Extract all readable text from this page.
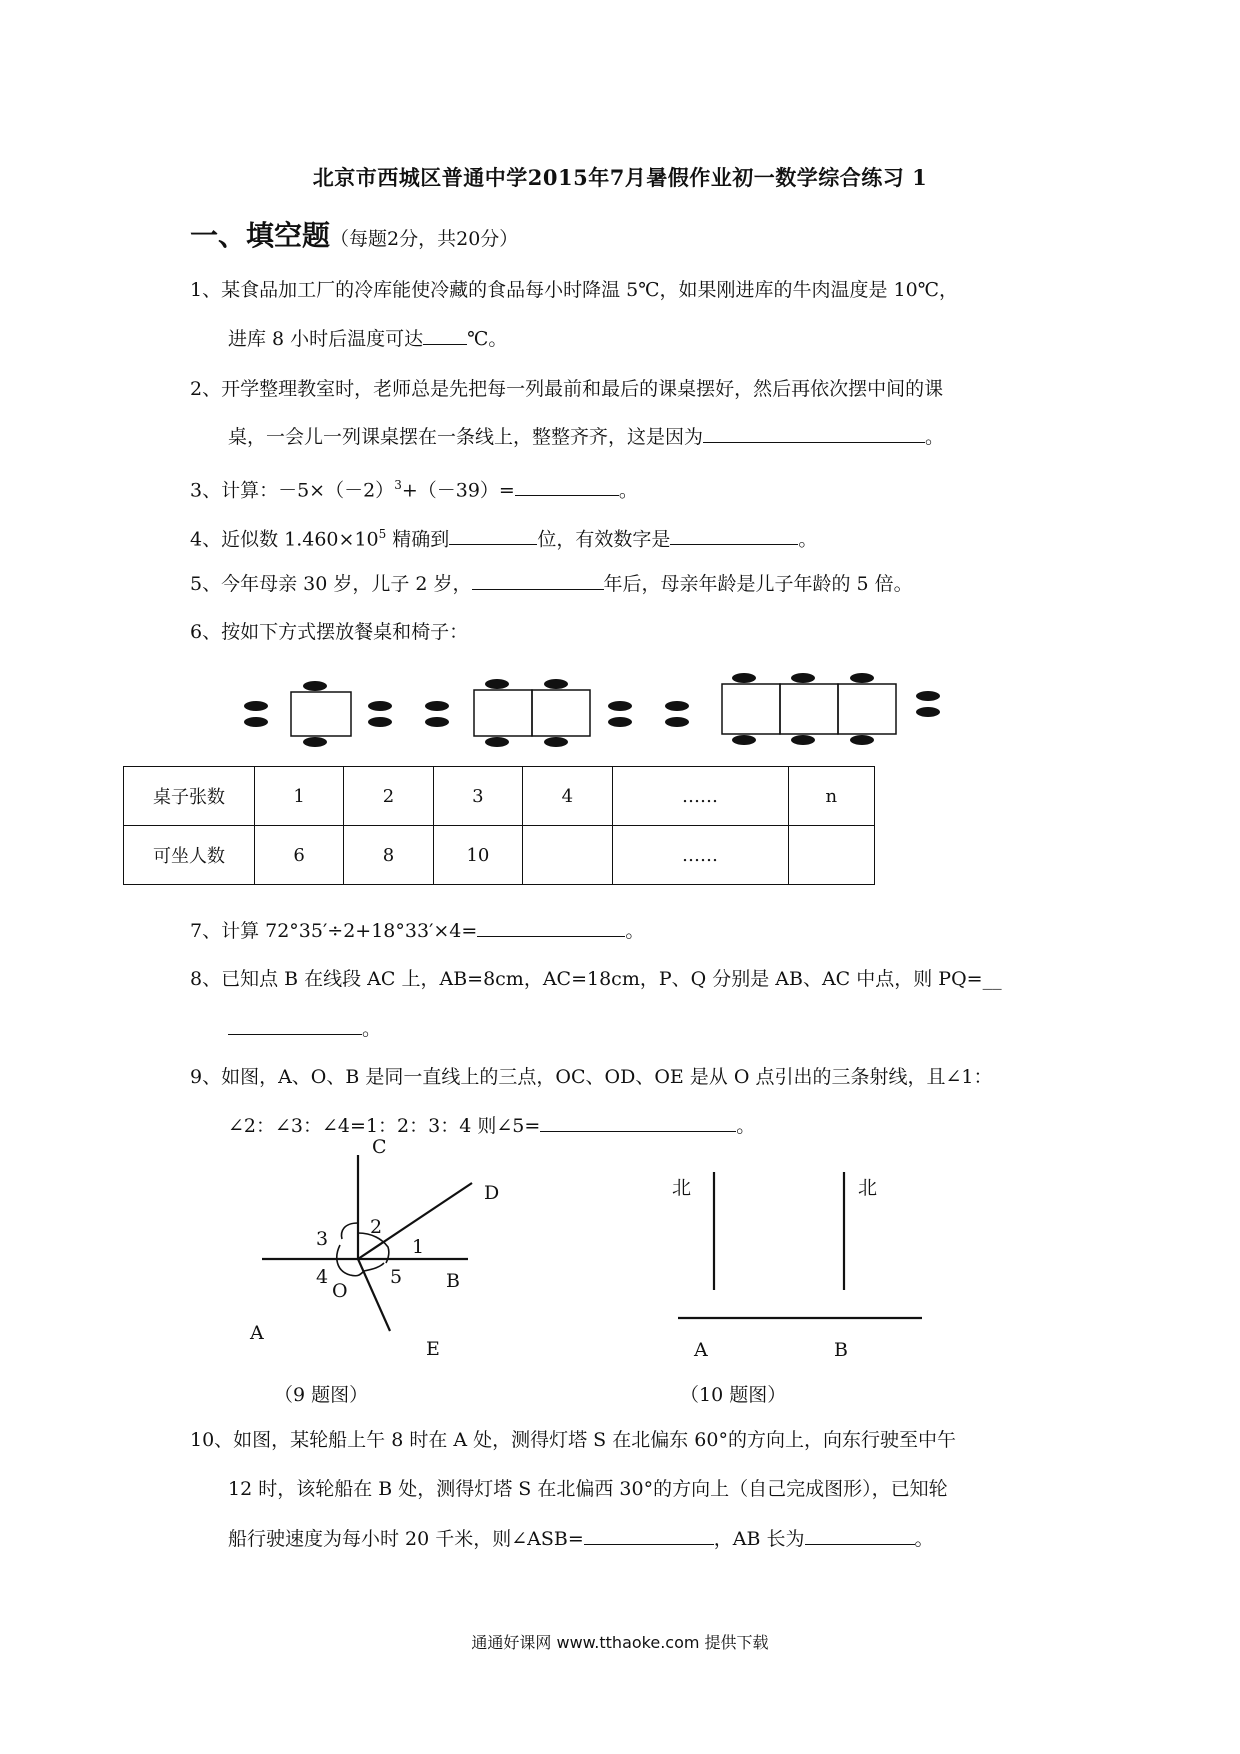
北京市西城区普通中学2015年7月暑假作业初一数学综合练习 1
一、填空题（每题2分，共20分）
1、某食品加工厂的冷库能使冷藏的食品每小时降温 5℃，如果刚进库的牛肉温度是 10℃，
进库 8 小时后温度可达 ℃。
2、开学整理教室时，老师总是先把每一列最前和最后的课桌摆好，然后再依次摆中间的课
桌，一会儿一列课桌摆在一条线上，整整齐齐，这是因为	。
3、计算：$-5\times(-2)^3+(-39)=$	。
4、近似数 $1.460\times 10^5$ 精确到	位，有效数字是	。
5、今年母亲 30 岁，儿子 2 岁，	年后，母亲年龄是儿子年龄的 5 倍。
6、按如下方式摆放餐桌和椅子：
桌子张数	1	2	3	4	……	n
可坐人数	6	8	10		……	
7、计算 72°35′÷2+18°33′×4=	。
8、已知点 B 在线段 AC 上，AB=8cm，AC=18cm，P、Q 分别是 AB、AC 中点，则 PQ=__
。
9、如图，A、O、B 是同一直线上的三点，OC、OD、OE 是从 O 点引出的三条射线，且∠1：
∠2：∠3：∠4=1：2：3：4 则∠5=	。
C
D
A
B
E
O
1
2
3
4	5
（9 题图）
北	北
A	B
（10 题图）
10、如图，某轮船上午 8 时在 A 处，测得灯塔 S 在北偏东 60°的方向上，向东行驶至中午
12 时，该轮船在 B 处，测得灯塔 S 在北偏西 30°的方向上（自己完成图形），已知轮
船行驶速度为每小时 20 千米，则∠ASB=	，AB 长为	。
通通好课网 www.tthaoke.com 提供下载
